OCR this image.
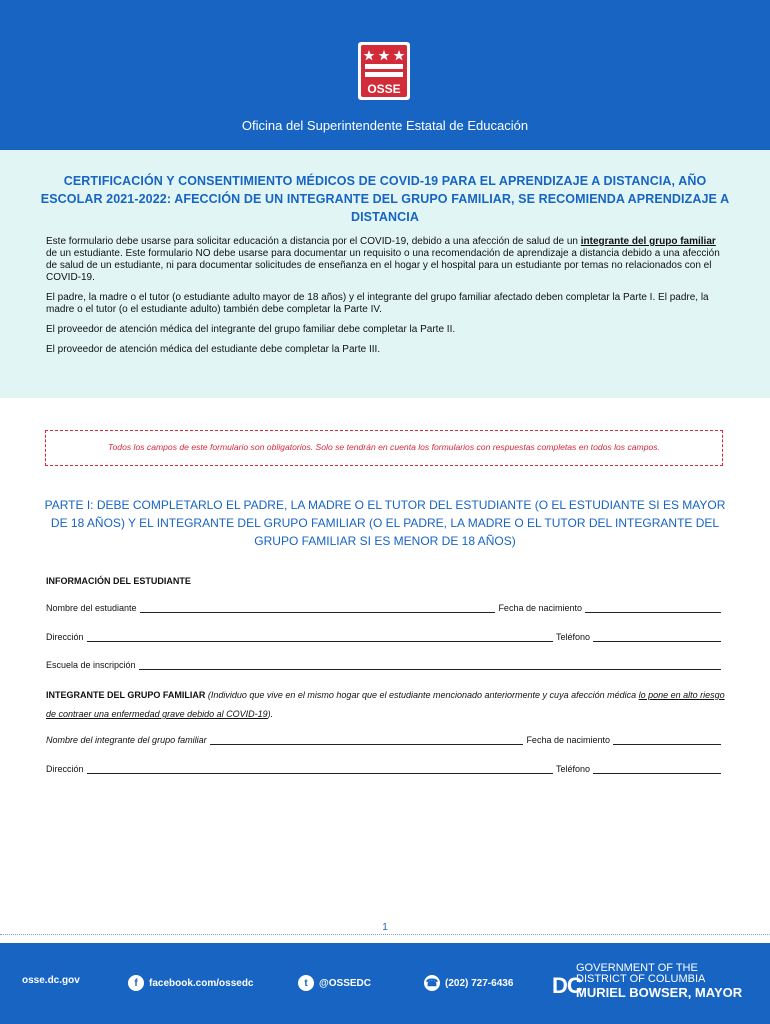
OSSE
Oficina del Superintendente Estatal de Educación
CERTIFICACIÓN Y CONSENTIMIENTO MÉDICOS DE COVID-19 PARA EL APRENDIZAJE A DISTANCIA, AÑO ESCOLAR 2021-2022: AFECCIÓN DE UN INTEGRANTE DEL GRUPO FAMILIAR, SE RECOMIENDA APRENDIZAJE A DISTANCIA

Este formulario debe usarse para solicitar educación a distancia por el COVID-19, debido a una afección de salud de un integrante del grupo familiar de un estudiante. Este formulario NO debe usarse para documentar un requisito o una recomendación de aprendizaje a distancia debido a una afección de salud de un estudiante, ni para documentar solicitudes de enseñanza en el hogar y el hospital para un estudiante por temas no relacionados con el COVID-19.

El padre, la madre o el tutor (o estudiante adulto mayor de 18 años) y el integrante del grupo familiar afectado deben completar la Parte I. El padre, la madre o el tutor (o el estudiante adulto) también debe completar la Parte IV.

El proveedor de atención médica del integrante del grupo familiar debe completar la Parte II.

El proveedor de atención médica del estudiante debe completar la Parte III.

Todos los campos de este formulario son obligatorios. Solo se tendrán en cuenta los formularios con respuestas completas en todos los campos.
PARTE I: DEBE COMPLETARLO EL PADRE, LA MADRE O EL TUTOR DEL ESTUDIANTE (O EL ESTUDIANTE SI ES MAYOR DE 18 AÑOS) Y EL INTEGRANTE DEL GRUPO FAMILIAR (O EL PADRE, LA MADRE O EL TUTOR DEL INTEGRANTE DEL GRUPO FAMILIAR SI ES MENOR DE 18 AÑOS)
INFORMACIÓN DEL ESTUDIANTE
Nombre del estudiante	Fecha de nacimiento
Dirección	Teléfono
Escuela de inscripción
INTEGRANTE DEL GRUPO FAMILIAR (Individuo que vive en el mismo hogar que el estudiante mencionado anteriormente y cuya afección médica lo pone en alto riesgo de contraer una enfermedad grave debido al COVID-19).
Nombre del integrante del grupo familiar	Fecha de nacimiento
Dirección	Teléfono
1
osse.dc.gov	f	facebook.com/ossedc	t	@OSSEDC	☎ (202) 727-6436 DC
GOVERNMENT OF THE
DISTRICT OF COLUMBIA
MURIEL BOWSER, MAYOR
